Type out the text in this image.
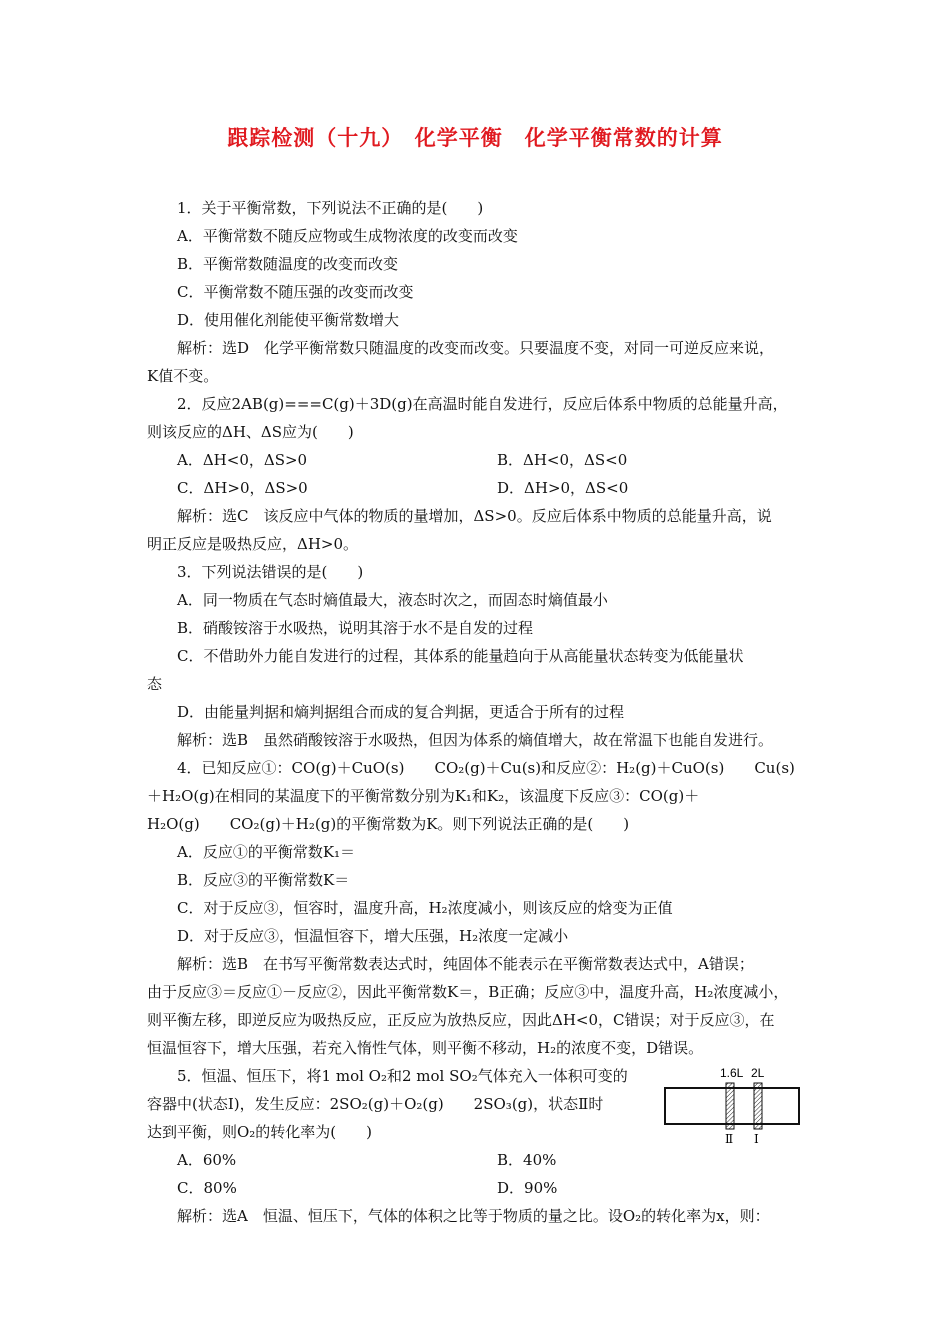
跟踪检测（十九）　化学平衡　化学平衡常数的计算
1．关于平衡常数，下列说法不正确的是(　　)
A．平衡常数不随反应物或生成物浓度的改变而改变
B．平衡常数随温度的改变而改变
C．平衡常数不随压强的改变而改变
D．使用催化剂能使平衡常数增大
解析：选D　化学平衡常数只随温度的改变而改变。只要温度不变，对同一可逆反应来说，
K值不变。
2．反应2AB(g)===C(g)＋3D(g)在高温时能自发进行，反应后体系中物质的总能量升高，
则该反应的ΔH、ΔS应为(　　)
A．ΔH<0，ΔS>0	B．ΔH<0，ΔS<0
C．ΔH>0，ΔS>0	D．ΔH>0，ΔS<0
解析：选C　该反应中气体的物质的量增加，ΔS>0。反应后体系中物质的总能量升高，说
明正反应是吸热反应，ΔH>0。
3．下列说法错误的是(　　)
A．同一物质在气态时熵值最大，液态时次之，而固态时熵值最小
B．硝酸铵溶于水吸热，说明其溶于水不是自发的过程
C．不借助外力能自发进行的过程，其体系的能量趋向于从高能量状态转变为低能量状
态
D．由能量判据和熵判据组合而成的复合判据，更适合于所有的过程
解析：选B　虽然硝酸铵溶于水吸热，但因为体系的熵值增大，故在常温下也能自发进行。
4．已知反应①：CO(g)＋CuO(s)　　CO₂(g)＋Cu(s)和反应②：H₂(g)＋CuO(s)　　Cu(s)
＋H₂O(g)在相同的某温度下的平衡常数分别为K₁和K₂，该温度下反应③：CO(g)＋
H₂O(g)　　CO₂(g)＋H₂(g)的平衡常数为K。则下列说法正确的是(　　)
A．反应①的平衡常数K₁＝
B．反应③的平衡常数K＝
C．对于反应③，恒容时，温度升高，H₂浓度减小，则该反应的焓变为正值
D．对于反应③，恒温恒容下，增大压强，H₂浓度一定减小
解析：选B　在书写平衡常数表达式时，纯固体不能表示在平衡常数表达式中，A错误；
由于反应③＝反应①－反应②，因此平衡常数K＝，B正确；反应③中，温度升高，H₂浓度减小，
则平衡左移，即逆反应为吸热反应，正反应为放热反应，因此ΔH<0，C错误；对于反应③，在
恒温恒容下，增大压强，若充入惰性气体，则平衡不移动，H₂的浓度不变，D错误。
5．恒温、恒压下，将1 mol O₂和2 mol SO₂气体充入一体积可变的
容器中(状态Ⅰ)，发生反应：2SO₂(g)＋O₂(g)　　2SO₃(g)，状态Ⅱ时
达到平衡，则O₂的转化率为(　　)
A．60%	B．40%
C．80%	D．90%
解析：选A　恒温、恒压下，气体的体积之比等于物质的量之比。设O₂的转化率为x，则：
1.6L 2L
Ⅱ Ⅰ
